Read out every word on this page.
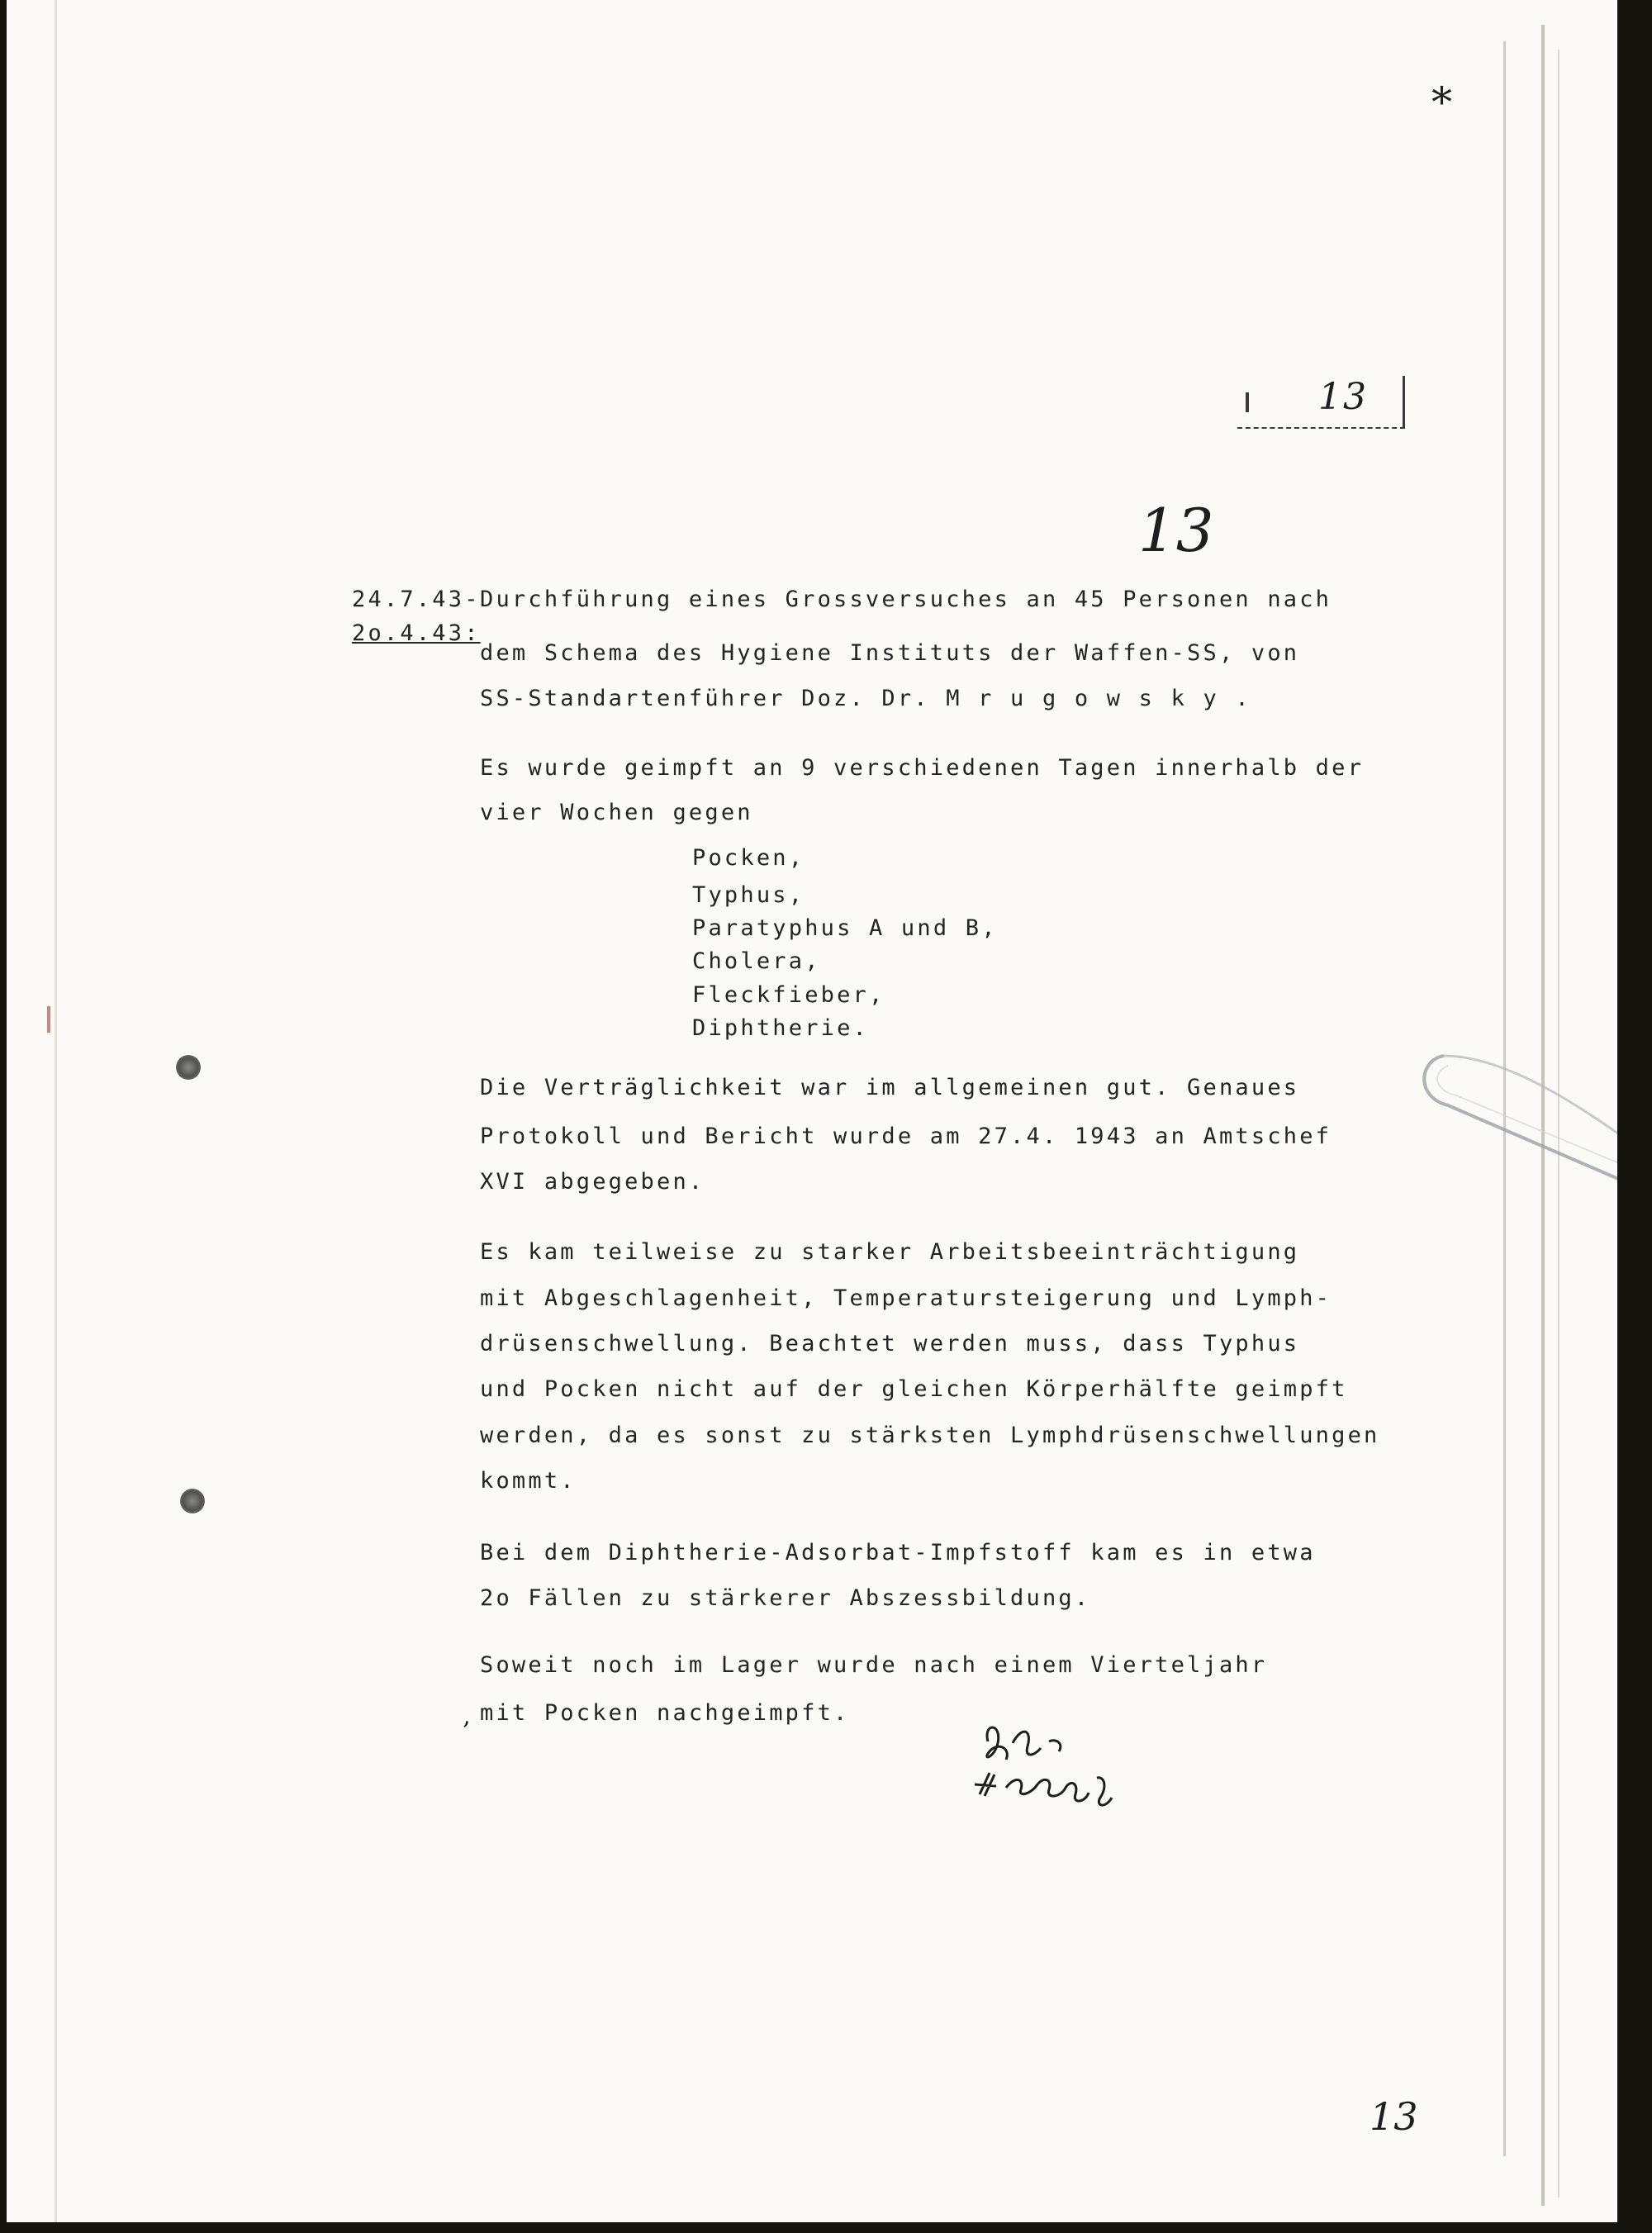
*
13
13
24.7.43-
2o.4.43:
Durchführung eines Grossversuches an 45 Personen nach
dem Schema des Hygiene Instituts der Waffen-SS, von
SS-Standartenführer Doz. Dr. M r u g o w s k y .
Es wurde geimpft an 9 verschiedenen Tagen innerhalb der
vier Wochen gegen
Pocken,
Typhus,
Paratyphus A und B,
Cholera,
Fleckfieber,
Diphtherie.
Die Verträglichkeit war im allgemeinen gut. Genaues
Protokoll und Bericht wurde am 27.4. 1943 an Amtschef
XVI abgegeben.
Es kam teilweise zu starker Arbeitsbeeinträchtigung
mit Abgeschlagenheit, Temperatursteigerung und Lymph-
drüsenschwellung. Beachtet werden muss, dass Typhus
und Pocken nicht auf der gleichen Körperhälfte geimpft
werden, da es sonst zu stärksten Lymphdrüsenschwellungen
kommt.
Bei dem Diphtherie-Adsorbat-Impfstoff kam es in etwa
2o Fällen zu stärkerer Abszessbildung.
Soweit noch im Lager wurde nach einem Vierteljahr
‚ mit Pocken nachgeimpft.
13
